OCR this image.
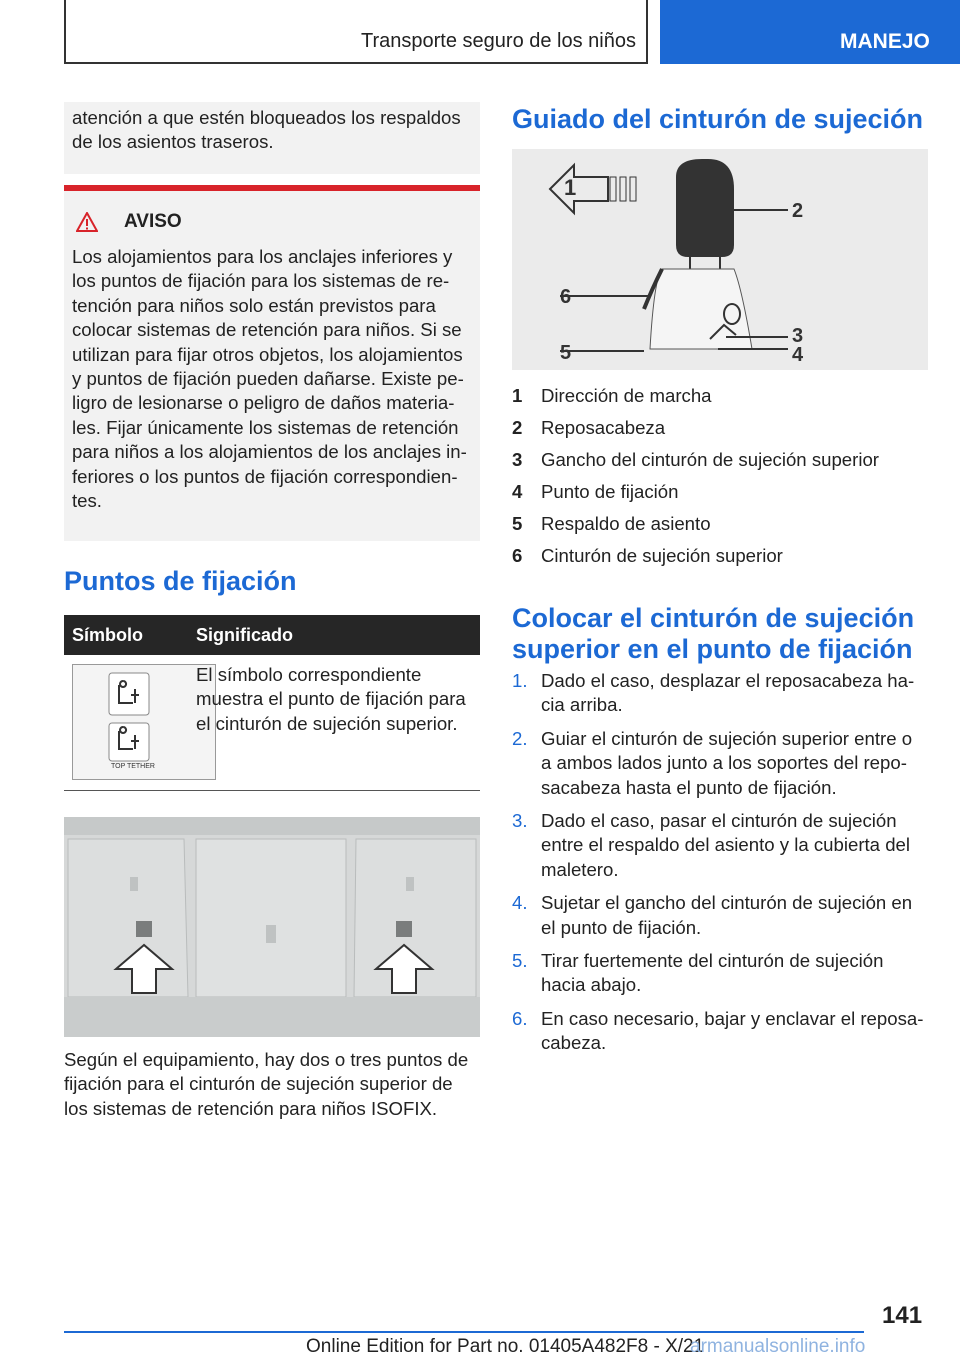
Transporte seguro de los niños	MANEJO

atención a que estén bloqueados los respaldos

de los asientos traseros.

AVISO

Los alojamientos para los anclajes inferiores y

los puntos de fijación para los sistemas de re‐

tención para niños solo están previstos para

colocar sistemas de retención para niños. Si se

utilizan para fijar otros objetos, los alojamientos

y puntos de fijación pueden dañarse. Existe pe‐

ligro de lesionarse o peligro de daños materia‐

les. Fijar únicamente los sistemas de retención

para niños a los alojamientos de los anclajes in‐

feriores o los puntos de fijación correspondien‐

tes.

Puntos de fijación
Símbolo	Significado
TOP TETHER

El símbolo correspondiente

muestra el punto de fijación para

el cinturón de sujeción superior.

Según el equipamiento, hay dos o tres puntos de

fijación para el cinturón de sujeción superior de

los sistemas de retención para niños ISOFIX.

Guiado del cinturón de sujeción
1
2
3
4
5
6
1	Dirección de marcha
2	Reposacabeza
3	Gancho del cinturón de sujeción superior
4	Punto de fijación
5	Respaldo de asiento
6	Cinturón de sujeción superior
Colocar el cinturón de sujeción
superior en el punto de fijación
1. Dado el caso, desplazar el reposacabeza ha‐
cia arriba.
2. Guiar el cinturón de sujeción superior entre o
a ambos lados junto a los soportes del repo‐
sacabeza hasta el punto de fijación.
3. Dado el caso, pasar el cinturón de sujeción
entre el respaldo del asiento y la cubierta del
maletero.
4. Sujetar el gancho del cinturón de sujeción en
el punto de fijación.
5. Tirar fuertemente del cinturón de sujeción
hacia abajo.
6. En caso necesario, bajar y enclavar el reposa‐
cabeza.
141
Online Edition for Part no. 01405A482F8 - X/21
armanualsonline.info
